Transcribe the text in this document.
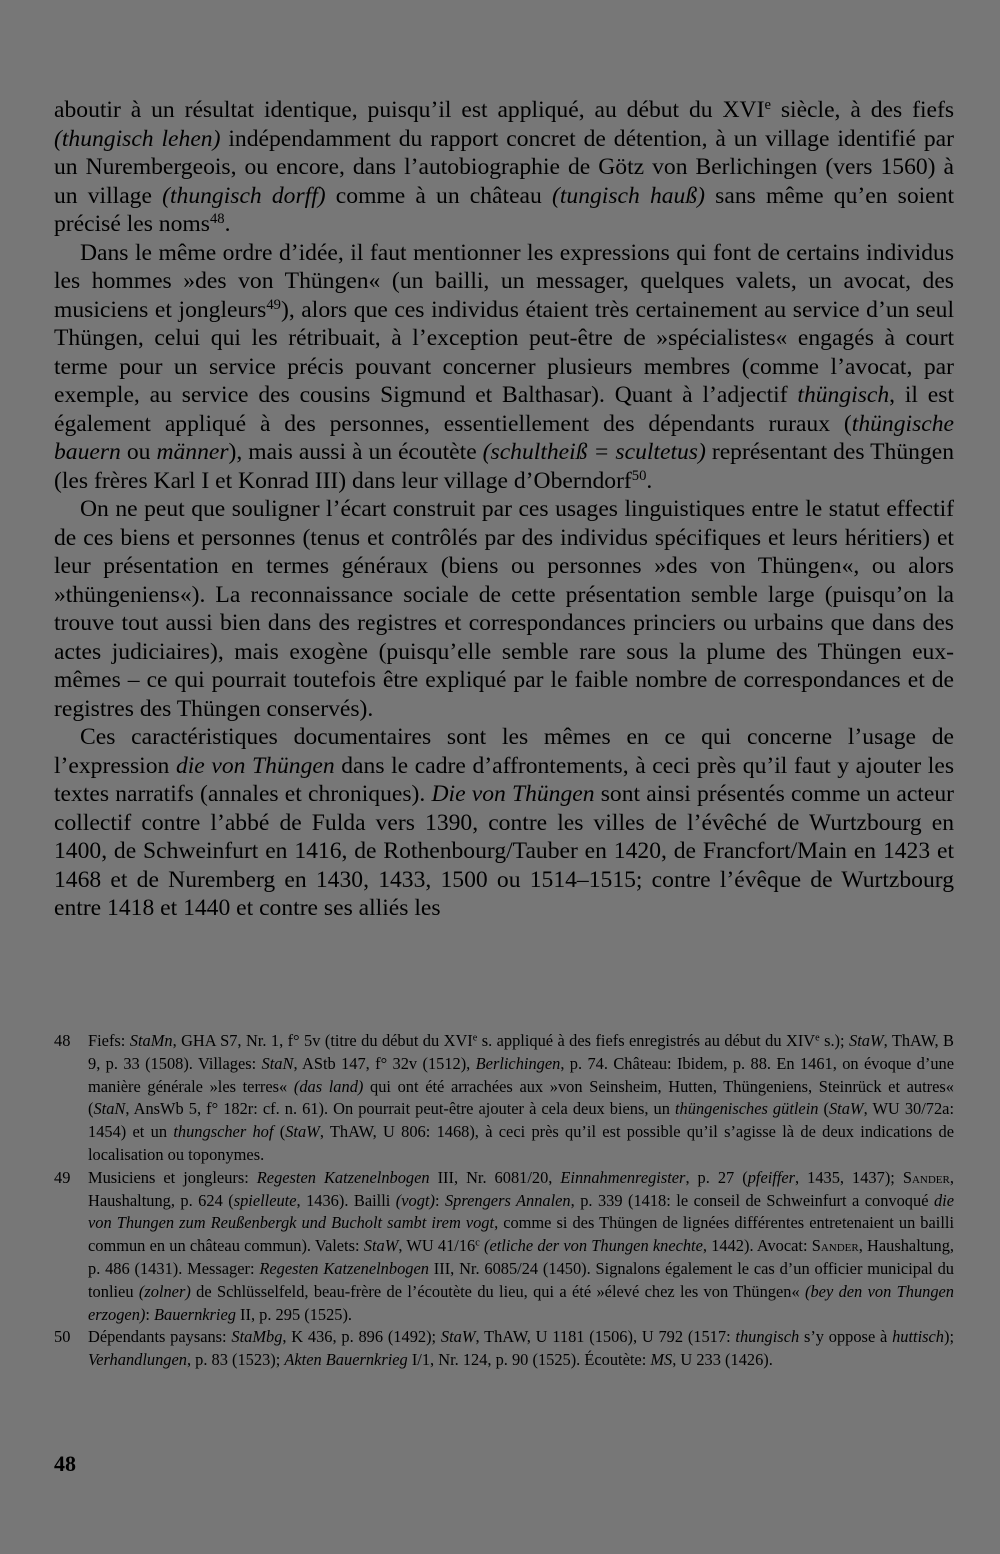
aboutir à un résultat identique, puisqu’il est appliqué, au début du XVIe siècle, à des fiefs (thungisch lehen) indépendamment du rapport concret de détention, à un village identifié par un Nurembergeois, ou encore, dans l’autobiographie de Götz von Berlichingen (vers 1560) à un village (thungisch dorff) comme à un château (tungisch hauß) sans même qu’en soient précisé les noms$^{48}$.

Dans le même ordre d’idée, il faut mentionner les expressions qui font de certains individus les hommes »des von Thüngen« (un bailli, un messager, quelques valets, un avocat, des musiciens et jongleurs$^{49}$), alors que ces individus étaient très certainement au service d’un seul Thüngen, celui qui les rétribuait, à l’exception peut-être de »spécialistes« engagés à court terme pour un service précis pouvant concerner plusieurs membres (comme l’avocat, par exemple, au service des cousins Sigmund et Balthasar). Quant à l’adjectif thüngisch, il est également appliqué à des personnes, essentiellement des dépendants ruraux (thüngische bauern ou männer), mais aussi à un écoutète (schultheiß = scultetus) représentant des Thüngen (les frères Karl I et Konrad III) dans leur village d’Oberndorf$^{50}$.

On ne peut que souligner l’écart construit par ces usages linguistiques entre le statut effectif de ces biens et personnes (tenus et contrôlés par des individus spécifiques et leurs héritiers) et leur présentation en termes généraux (biens ou personnes »des von Thüngen«, ou alors »thüngeniens«). La reconnaissance sociale de cette présentation semble large (puisqu’on la trouve tout aussi bien dans des registres et correspondances princiers ou urbains que dans des actes judiciaires), mais exogène (puisqu’elle semble rare sous la plume des Thüngen eux-mêmes – ce qui pourrait toutefois être expliqué par le faible nombre de correspondances et de registres des Thüngen conservés).

Ces caractéristiques documentaires sont les mêmes en ce qui concerne l’usage de l’expression die von Thüngen dans le cadre d’affrontements, à ceci près qu’il faut y ajouter les textes narratifs (annales et chroniques). Die von Thüngen sont ainsi présentés comme un acteur collectif contre l’abbé de Fulda vers 1390, contre les villes de l’évêché de Wurtzbourg en 1400, de Schweinfurt en 1416, de Rothenbourg/Tauber en 1420, de Francfort/Main en 1423 et 1468 et de Nuremberg en 1430, 1433, 1500 ou 1514–1515; contre l’évêque de Wurtzbourg entre 1418 et 1440 et contre ses alliés les

48	Fiefs: StaMn, GHA S7, Nr. 1, f° 5v (titre du début du XVIe s. appliqué à des fiefs enregistrés au début du XIVe s.); StaW, ThAW, B 9, p. 33 (1508). Villages: StaN, AStb 147, f° 32v (1512), Berlichingen, p. 74. Château: Ibidem, p. 88. En 1461, on évoque d’une manière générale »les terres« (das land) qui ont été arrachées aux »von Seinsheim, Hutten, Thüngeniens, Steinrück et autres« (StaN, AnsWb 5, f° 182r: cf. n. 61). On pourrait peut-être ajouter à cela deux biens, un thüngenisches gütlein (StaW, WU 30/72a: 1454) et un thungscher hof (StaW, ThAW, U 806: 1468), à ceci près qu’il est possible qu’il s’agisse là de deux indications de localisation ou toponymes.
49	Musiciens et jongleurs: Regesten Katzenelnbogen III, Nr. 6081/20, Einnahmenregister, p. 27 (pfeiffer, 1435, 1437); Sander, Haushaltung, p. 624 (spielleute, 1436). Bailli (vogt): Sprengers Annalen, p. 339 (1418: le conseil de Schweinfurt a convoqué die von Thungen zum Reußenbergk und Bucholt sambt irem vogt, comme si des Thüngen de lignées différentes entretenaient un bailli commun en un château commun). Valets: StaW, WU 41/16$^c$ (etliche der von Thungen knechte, 1442). Avocat: Sander, Haushaltung, p. 486 (1431). Messager: Regesten Katzenelnbogen III, Nr. 6085/24 (1450). Signalons également le cas d’un officier municipal du tonlieu (zolner) de Schlüsselfeld, beau-frère de l’écoutète du lieu, qui a été »élevé chez les von Thüngen« (bey den von Thungen erzogen): Bauernkrieg II, p. 295 (1525).
50	Dépendants paysans: StaMbg, K 436, p. 896 (1492); StaW, ThAW, U 1181 (1506), U 792 (1517: thungisch s’y oppose à huttisch); Verhandlungen, p. 83 (1523); Akten Bauernkrieg I/1, Nr. 124, p. 90 (1525). Écoutète: MS, U 233 (1426).
48
